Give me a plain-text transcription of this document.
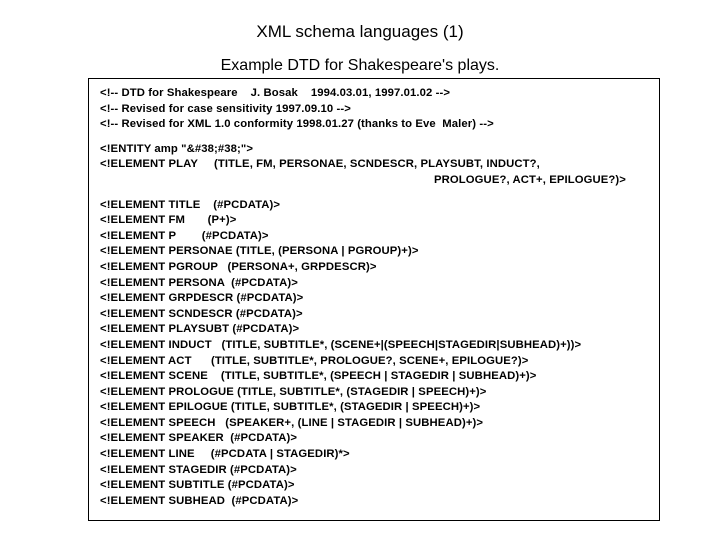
XML schema languages (1)
Example DTD for Shakespeare's plays.
<!-- DTD for Shakespeare    J. Bosak    1994.03.01, 1997.01.02 -->
<!-- Revised for case sensitivity 1997.09.10 -->
<!-- Revised for XML 1.0 conformity 1998.01.27 (thanks to Eve  Maler) -->
<!ENTITY amp "&#38;#38;">
<!ELEMENT PLAY     (TITLE, FM, PERSONAE, SCNDESCR, PLAYSUBT, INDUCT?,
PROLOGUE?, ACT+, EPILOGUE?)>
<!ELEMENT TITLE    (#PCDATA)>
<!ELEMENT FM       (P+)>
<!ELEMENT P        (#PCDATA)>
<!ELEMENT PERSONAE (TITLE, (PERSONA | PGROUP)+)>
<!ELEMENT PGROUP   (PERSONA+, GRPDESCR)>
<!ELEMENT PERSONA  (#PCDATA)>
<!ELEMENT GRPDESCR (#PCDATA)>
<!ELEMENT SCNDESCR (#PCDATA)>
<!ELEMENT PLAYSUBT (#PCDATA)>
<!ELEMENT INDUCT   (TITLE, SUBTITLE*, (SCENE+|(SPEECH|STAGEDIR|SUBHEAD)+))>
<!ELEMENT ACT      (TITLE, SUBTITLE*, PROLOGUE?, SCENE+, EPILOGUE?)>
<!ELEMENT SCENE    (TITLE, SUBTITLE*, (SPEECH | STAGEDIR | SUBHEAD)+)>
<!ELEMENT PROLOGUE (TITLE, SUBTITLE*, (STAGEDIR | SPEECH)+)>
<!ELEMENT EPILOGUE (TITLE, SUBTITLE*, (STAGEDIR | SPEECH)+)>
<!ELEMENT SPEECH   (SPEAKER+, (LINE | STAGEDIR | SUBHEAD)+)>
<!ELEMENT SPEAKER  (#PCDATA)>
<!ELEMENT LINE     (#PCDATA | STAGEDIR)*>
<!ELEMENT STAGEDIR (#PCDATA)>
<!ELEMENT SUBTITLE (#PCDATA)>
<!ELEMENT SUBHEAD  (#PCDATA)>
